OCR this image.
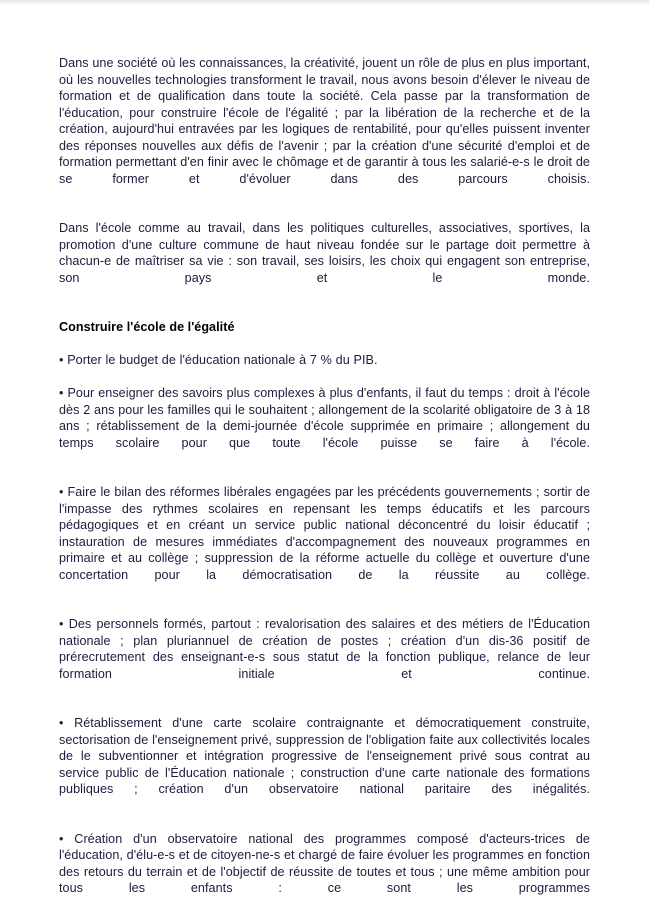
Dans une société où les connaissances, la créativité, jouent un rôle de plus en plus important, où les nouvelles technologies transforment le travail, nous avons besoin d'élever le niveau de formation et de qualification dans toute la société. Cela passe par la transformation de l'éducation, pour construire l'école de l'égalité ; par la libération de la recherche et de la création, aujourd'hui entravées par les logiques de rentabilité, pour qu'elles puissent inventer des réponses nouvelles aux défis de l'avenir ; par la création d'une sécurité d'emploi et de formation permettant d'en finir avec le chômage et de garantir à tous les salarié-e-s le droit de se former et d'évoluer dans des parcours choisis.

Dans l'école comme au travail, dans les politiques culturelles, associatives, sportives, la promotion d'une culture commune de haut niveau fondée sur le partage doit permettre à chacun-e de maîtriser sa vie : son travail, ses loisirs, les choix qui engagent son entreprise, son pays et le monde.

Construire l'école de l'égalité

• Porter le budget de l'éducation nationale à 7 % du PIB.

• Pour enseigner des savoirs plus complexes à plus d'enfants, il faut du temps : droit à l'école dès 2 ans pour les familles qui le souhaitent ; allongement de la scolarité obligatoire de 3 à 18 ans ; rétablissement de la demi-journée d'école supprimée en primaire ; allongement du temps scolaire pour que toute l'école puisse se faire à l'école.

• Faire le bilan des réformes libérales engagées par les précédents gouvernements ; sortir de l'impasse des rythmes scolaires en repensant les temps éducatifs et les parcours pédagogiques et en créant un service public national déconcentré du loisir éducatif ; instauration de mesures immédiates d'accompagnement des nouveaux programmes en primaire et au collège ; suppression de la réforme actuelle du collège et ouverture d'une concertation pour la démocratisation de la réussite au collège.

• Des personnels formés, partout : revalorisation des salaires et des métiers de l'Éducation nationale ; plan pluriannuel de création de postes ; création d'un dis-36 positif de prérecrutement des enseignant-e-s sous statut de la fonction publique, relance de leur formation initiale et continue.

• Rétablissement d'une carte scolaire contraignante et démocratiquement construite, sectorisation de l'enseignement privé, suppression de l'obligation faite aux collectivités locales de le subventionner et intégration progressive de l'enseignement privé sous contrat au service public de l'Éducation nationale ; construction d'une carte nationale des formations publiques ; création d'un observatoire national paritaire des inégalités.

• Création d'un observatoire national des programmes composé d'acteurs-trices de l'éducation, d'élu-e-s et de citoyen-ne-s et chargé de faire évoluer les programmes en fonction des retours du terrain et de l'objectif de réussite de toutes et tous ; une même ambition pour tous les enfants : ce sont les programmes
